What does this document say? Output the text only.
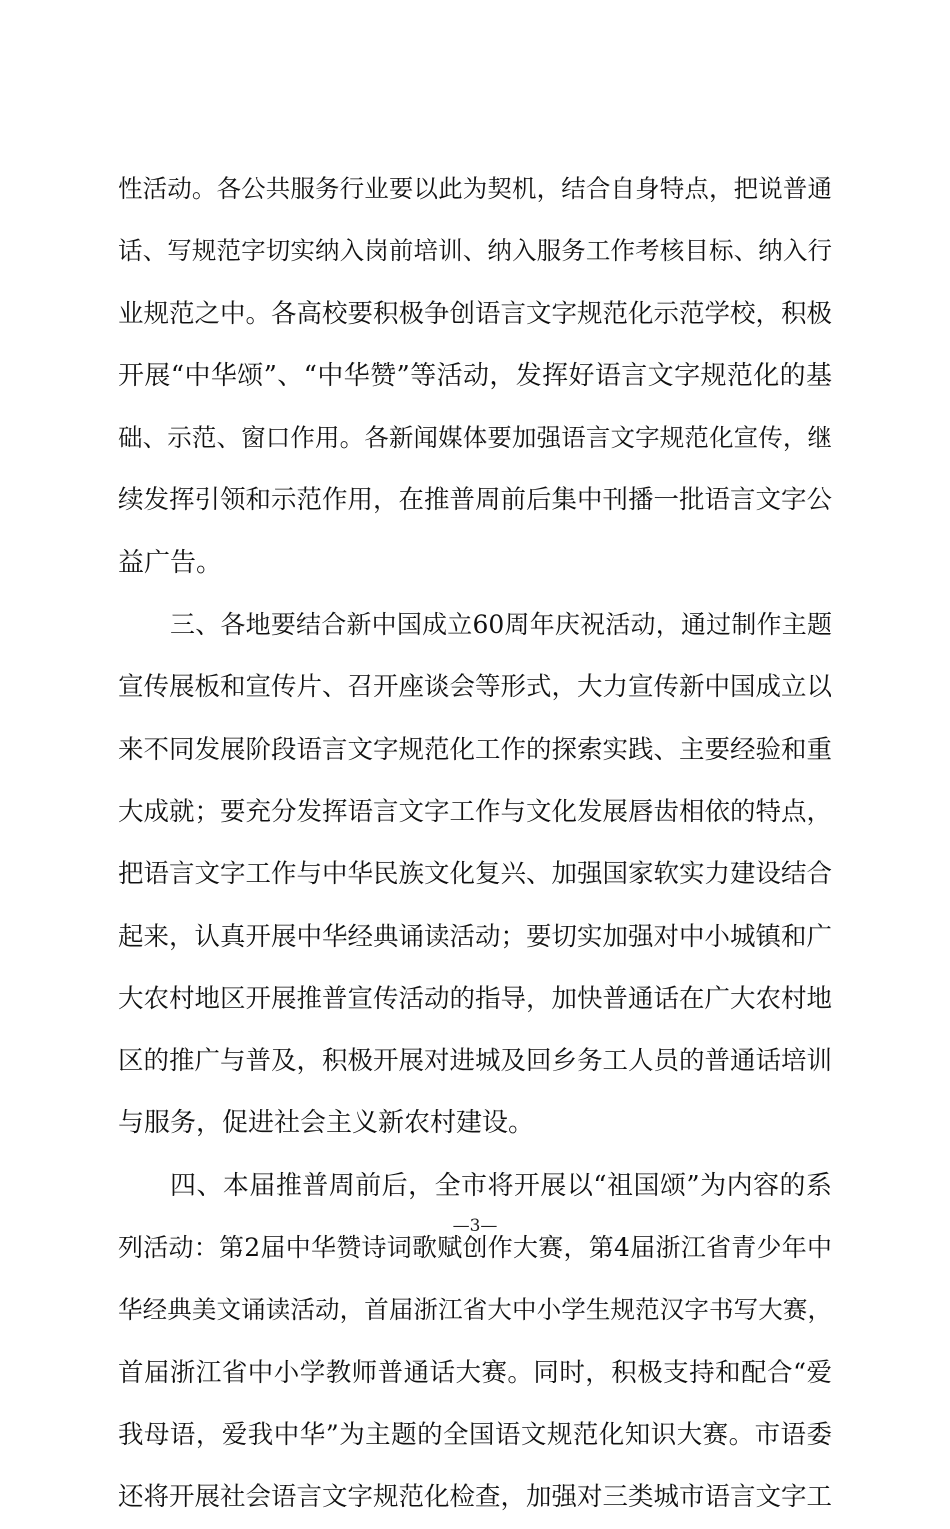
性活动。各公共服务行业要以此为契机，结合自身特点，把说普通
话、写规范字切实纳入岗前培训、纳入服务工作考核目标、纳入行
业规范之中。各高校要积极争创语言文字规范化示范学校，积极
开展“中华颂”、“中华赞”等活动，发挥好语言文字规范化的基
础、示范、窗口作用。各新闻媒体要加强语言文字规范化宣传，继
续发挥引领和示范作用，在推普周前后集中刊播一批语言文字公
益广告。
三、各地要结合新中国成立60周年庆祝活动，通过制作主题
宣传展板和宣传片、召开座谈会等形式，大力宣传新中国成立以
来不同发展阶段语言文字规范化工作的探索实践、主要经验和重
大成就；要充分发挥语言文字工作与文化发展唇齿相依的特点，
把语言文字工作与中华民族文化复兴、加强国家软实力建设结合
起来，认真开展中华经典诵读活动；要切实加强对中小城镇和广
大农村地区开展推普宣传活动的指导，加快普通话在广大农村地
区的推广与普及，积极开展对进城及回乡务工人员的普通话培训
与服务，促进社会主义新农村建设。
四、本届推普周前后，全市将开展以“祖国颂”为内容的系
列活动：第2届中华赞诗词歌赋创作大赛，第4届浙江省青少年中
华经典美文诵读活动，首届浙江省大中小学生规范汉字书写大赛，
首届浙江省中小学教师普通话大赛。同时，积极支持和配合“爱
我母语，爱我中华”为主题的全国语文规范化知识大赛。市语委
还将开展社会语言文字规范化检查，加强对三类城市语言文字工
—3—
